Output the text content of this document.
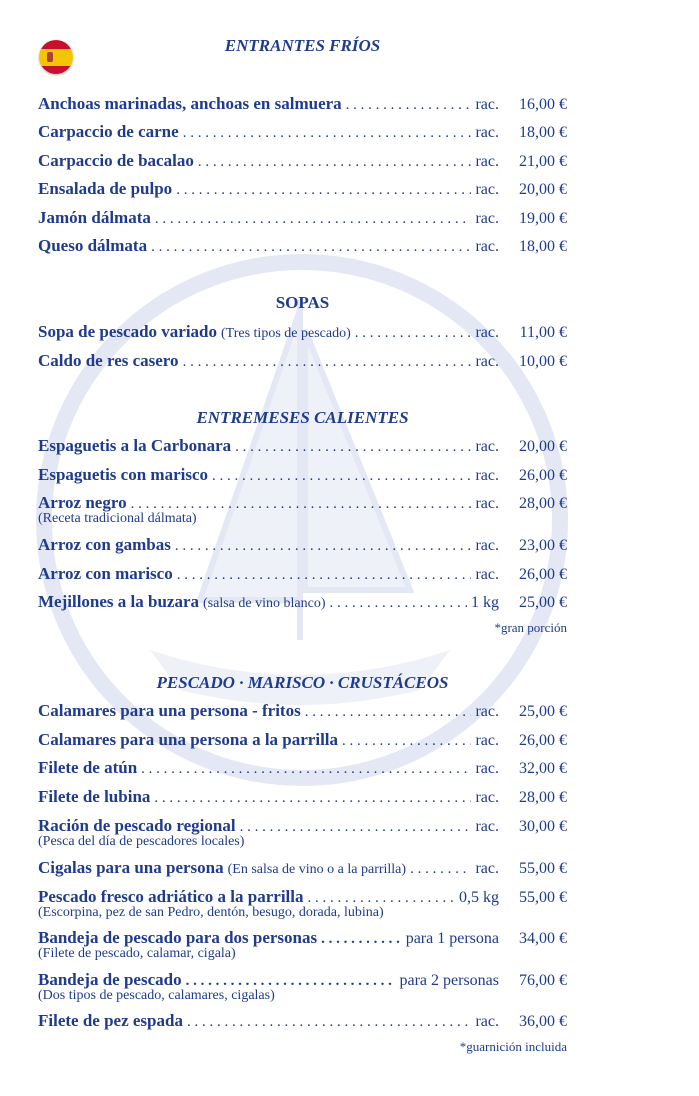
ENTRANTES FRÍOS
Anchoas marinadas, anchoas en salmuera . . .	rac.	16,00 €
Carpaccio de carne . . .	rac.	18,00 €
Carpaccio de bacalao . . .	rac.	21,00 €
Ensalada de pulpo . . .	rac.	20,00 €
Jamón dálmata . . .	rac.	19,00 €
Queso dálmata . . .	rac.	18,00 €
SOPAS
Sopa de pescado variado (Tres tipos de pescado) . . .	rac.	11,00 €
Caldo de res casero . . .	rac.	10,00 €
ENTREMESES CALIENTES
Espaguetis a la Carbonara . . .	rac.	20,00 €
Espaguetis con marisco . . .	rac.	26,00 €
Arroz negro . . .	rac.	28,00 €
(Receta tradicional dálmata)
Arroz con gambas . . .	rac.	23,00 €
Arroz con marisco . . .	rac.	26,00 €
Mejillones a la buzara (salsa de vino blanco) . . .	1 kg	25,00 €
*gran porción
PESCADO · MARISCO · CRUSTÁCEOS
Calamares para una persona - fritos . . .	rac.	25,00 €
Calamares para una persona a la parrilla . . .	rac.	26,00 €
Filete de atún . . .	rac.	32,00 €
Filete de lubina . . .	rac.	28,00 €
Ración de pescado regional . . .	rac.	30,00 €
(Pesca del día de pescadores locales)
Cigalas para una persona (En salsa de vino o a la parrilla) . . .	rac.	55,00 €
Pescado fresco adriático a la parrilla . . .	0,5 kg	55,00 €
(Escorpina, pez de san Pedro, dentón, besugo, dorada, lubina)
Bandeja de pescado para dos personas . . .	para 1 persona	34,00 €
(Filete de pescado, calamar, cigala)
Bandeja de pescado . . .	para 2 personas	76,00 €
(Dos tipos de pescado, calamares, cigalas)
Filete de pez espada . . .	rac.	36,00 €
*guarnición incluida
